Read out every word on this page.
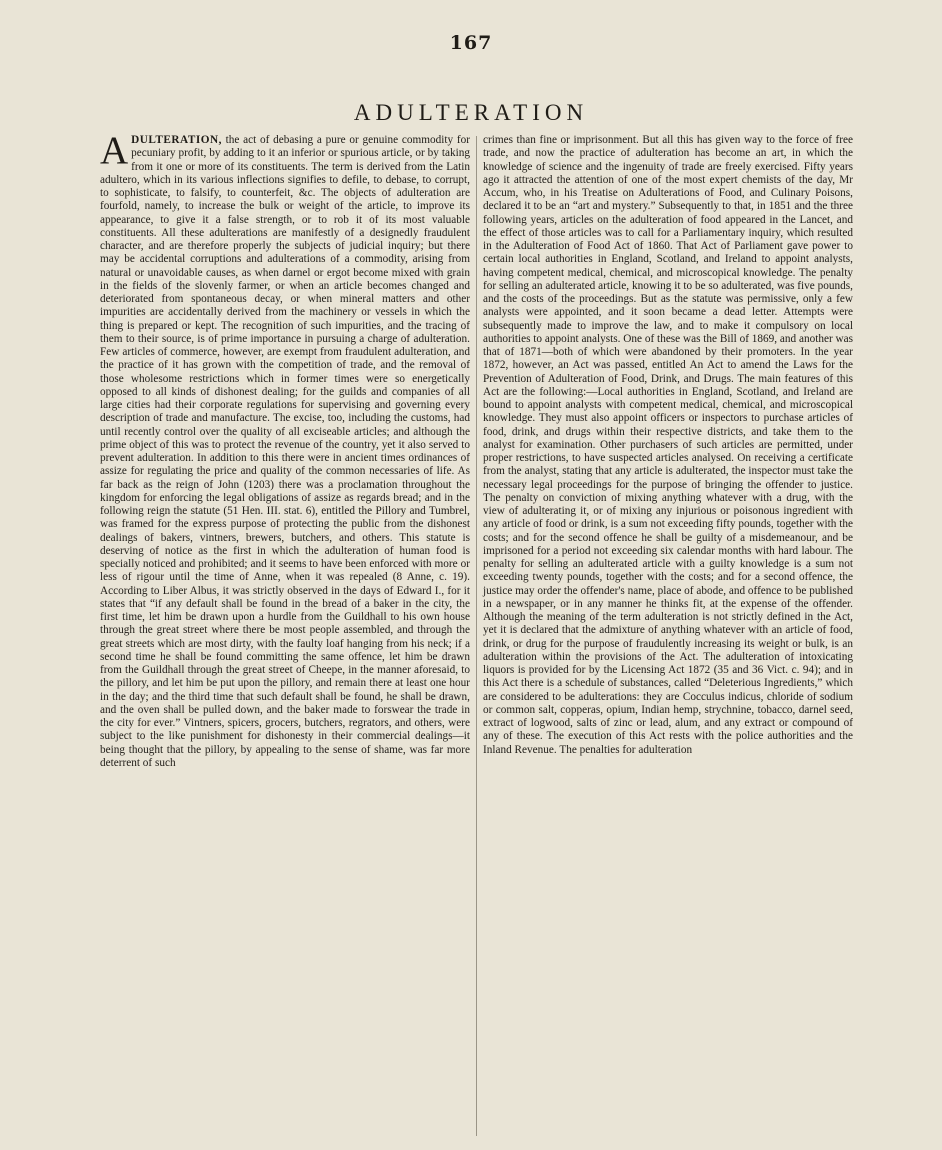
167
ADULTERATION

ADULTERATION, the act of debasing a pure or genuine commodity for pecuniary profit, by adding to it an inferior or spurious article, or by taking from it one or more of its constituents. The term is derived from the Latin adultero, which in its various inflections signifies to defile, to debase, to corrupt, to sophisticate, to falsify, to counterfeit, &c. The objects of adulteration are fourfold, namely, to increase the bulk or weight of the article, to improve its appearance, to give it a false strength, or to rob it of its most valuable constituents. All these adulterations are manifestly of a designedly fraudulent character, and are therefore properly the subjects of judicial inquiry; but there may be accidental corruptions and adulterations of a commodity, arising from natural or unavoidable causes, as when darnel or ergot become mixed with grain in the fields of the slovenly farmer, or when an article becomes changed and deteriorated from spontaneous decay, or when mineral matters and other impurities are accidentally derived from the machinery or vessels in which the thing is prepared or kept. The recognition of such impurities, and the tracing of them to their source, is of prime importance in pursuing a charge of adulteration. Few articles of commerce, however, are exempt from fraudulent adulteration, and the practice of it has grown with the competition of trade, and the removal of those wholesome restrictions which in former times were so energetically opposed to all kinds of dishonest dealing; for the guilds and companies of all large cities had their corporate regulations for supervising and governing every description of trade and manufacture. The excise, too, including the customs, had until recently control over the quality of all exciseable articles; and although the prime object of this was to protect the revenue of the country, yet it also served to prevent adulteration. In addition to this there were in ancient times ordinances of assize for regulating the price and quality of the common necessaries of life. As far back as the reign of John (1203) there was a proclamation throughout the kingdom for enforcing the legal obligations of assize as regards bread; and in the following reign the statute (51 Hen. III. stat. 6), entitled the Pillory and Tumbrel, was framed for the express purpose of protecting the public from the dishonest dealings of bakers, vintners, brewers, butchers, and others. This statute is deserving of notice as the first in which the adulteration of human food is specially noticed and prohibited; and it seems to have been enforced with more or less of rigour until the time of Anne, when it was repealed (8 Anne, c. 19). According to Liber Albus, it was strictly observed in the days of Edward I., for it states that “if any default shall be found in the bread of a baker in the city, the first time, let him be drawn upon a hurdle from the Guildhall to his own house through the great street where there be most people assembled, and through the great streets which are most dirty, with the faulty loaf hanging from his neck; if a second time he shall be found committing the same offence, let him be drawn from the Guildhall through the great street of Cheepe, in the manner aforesaid, to the pillory, and let him be put upon the pillory, and remain there at least one hour in the day; and the third time that such default shall be found, he shall be drawn, and the oven shall be pulled down, and the baker made to forswear the trade in the city for ever.” Vintners, spicers, grocers, butchers, regrators, and others, were subject to the like punishment for dishonesty in their commercial dealings—it being thought that the pillory, by appealing to the sense of shame, was far more deterrent of such

crimes than fine or imprisonment. But all this has given way to the force of free trade, and now the practice of adulteration has become an art, in which the knowledge of science and the ingenuity of trade are freely exercised. Fifty years ago it attracted the attention of one of the most expert chemists of the day, Mr Accum, who, in his Treatise on Adulterations of Food, and Culinary Poisons, declared it to be an “art and mystery.” Subsequently to that, in 1851 and the three following years, articles on the adulteration of food appeared in the Lancet, and the effect of those articles was to call for a Parliamentary inquiry, which resulted in the Adulteration of Food Act of 1860. That Act of Parliament gave power to certain local authorities in England, Scotland, and Ireland to appoint analysts, having competent medical, chemical, and microscopical knowledge. The penalty for selling an adulterated article, knowing it to be so adulterated, was five pounds, and the costs of the proceedings. But as the statute was permissive, only a few analysts were appointed, and it soon became a dead letter. Attempts were subsequently made to improve the law, and to make it compulsory on local authorities to appoint analysts. One of these was the Bill of 1869, and another was that of 1871—both of which were abandoned by their promoters. In the year 1872, however, an Act was passed, entitled An Act to amend the Laws for the Prevention of Adulteration of Food, Drink, and Drugs. The main features of this Act are the following:—Local authorities in England, Scotland, and Ireland are bound to appoint analysts with competent medical, chemical, and microscopical knowledge. They must also appoint officers or inspectors to purchase articles of food, drink, and drugs within their respective districts, and take them to the analyst for examination. Other purchasers of such articles are permitted, under proper restrictions, to have suspected articles analysed. On receiving a certificate from the analyst, stating that any article is adulterated, the inspector must take the necessary legal proceedings for the purpose of bringing the offender to justice. The penalty on conviction of mixing anything whatever with a drug, with the view of adulterating it, or of mixing any injurious or poisonous ingredient with any article of food or drink, is a sum not exceeding fifty pounds, together with the costs; and for the second offence he shall be guilty of a misdemeanour, and be imprisoned for a period not exceeding six calendar months with hard labour. The penalty for selling an adulterated article with a guilty knowledge is a sum not exceeding twenty pounds, together with the costs; and for a second offence, the justice may order the offender's name, place of abode, and offence to be published in a newspaper, or in any manner he thinks fit, at the expense of the offender. Although the meaning of the term adulteration is not strictly defined in the Act, yet it is declared that the admixture of anything whatever with an article of food, drink, or drug for the purpose of fraudulently increasing its weight or bulk, is an adulteration within the provisions of the Act. The adulteration of intoxicating liquors is provided for by the Licensing Act 1872 (35 and 36 Vict. c. 94); and in this Act there is a schedule of substances, called “Deleterious Ingredients,” which are considered to be adulterations: they are Cocculus indicus, chloride of sodium or common salt, copperas, opium, Indian hemp, strychnine, tobacco, darnel seed, extract of logwood, salts of zinc or lead, alum, and any extract or compound of any of these. The execution of this Act rests with the police authorities and the Inland Revenue. The penalties for adulteration
